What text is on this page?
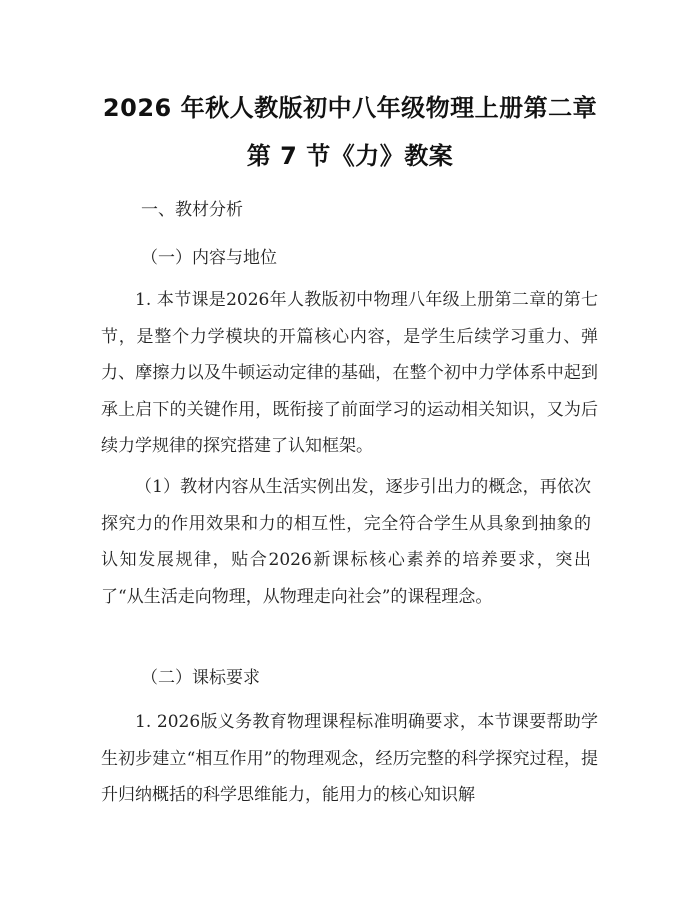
2026 年秋人教版初中八年级物理上册第二章
第 7 节《力》教案
一、教材分析
（一）内容与地位

1. 本节课是2026年人教版初中物理八年级上册第二章的第七节，是整个力学模块的开篇核心内容，是学生后续学习重力、弹力、摩擦力以及牛顿运动定律的基础，在整个初中力学体系中起到承上启下的关键作用，既衔接了前面学习的运动相关知识，又为后续力学规律的探究搭建了认知框架。

（1）教材内容从生活实例出发，逐步引出力的概念，再依次探究力的作用效果和力的相互性，完全符合学生从具象到抽象的认知发展规律，贴合2026新课标核心素养的培养要求，突出了“从生活走向物理，从物理走向社会”的课程理念。

（二）课标要求

1. 2026版义务教育物理课程标准明确要求，本节课要帮助学生初步建立“相互作用”的物理观念，经历完整的科学探究过程，提升归纳概括的科学思维能力，能用力的核心知识解
